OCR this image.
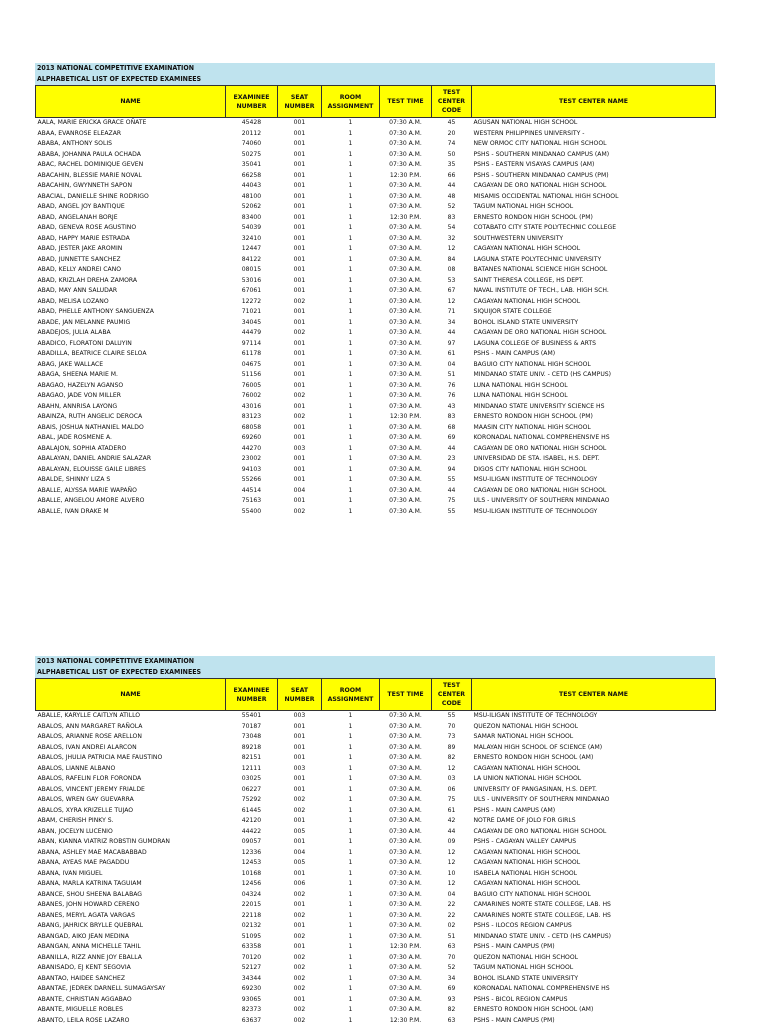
2013 NATIONAL COMPETITIVE EXAMINATION
ALPHABETICAL LIST OF EXPECTED EXAMINEES
NAME	EXAMINEE NUMBER	SEAT NUMBER	ROOM ASSIGNMENT	TEST TIME	TEST CENTER CODE	TEST CENTER NAME
AALA, MARIE ERICKA GRACE OÑATE	45428	001	1	07:30 A.M.	45	AGUSAN NATIONAL HIGH SCHOOL
ABAA, EVANROSE ELEAZAR	20112	001	1	07:30 A.M.	20	WESTERN PHILIPPINES UNIVERSITY -
ABABA, ANTHONY SOLIS	74060	001	1	07:30 A.M.	74	NEW ORMOC CITY NATIONAL HIGH SCHOOL
ABABA, JOHANNA PAULA OCHADA	50275	001	1	07:30 A.M.	50	PSHS - SOUTHERN MINDANAO CAMPUS (AM)
ABAC, RACHEL DOMINIQUE GEVEN	35041	001	1	07:30 A.M.	35	PSHS - EASTERN VISAYAS CAMPUS (AM)
ABACAHIN, BLESSIE MARIE NOVAL	66258	001	1	12:30 P.M.	66	PSHS - SOUTHERN MINDANAO CAMPUS (PM)
ABACAHIN, GWYNNETH SAPON	44043	001	1	07:30 A.M.	44	CAGAYAN DE ORO NATIONAL HIGH SCHOOL
ABACIAL, DANIELLE SHINE RODRIGO	48100	001	1	07:30 A.M.	48	MISAMIS OCCIDENTAL NATIONAL HIGH SCHOOL
ABAD, ANGEL JOY BANTIQUE	52062	001	1	07:30 A.M.	52	TAGUM NATIONAL HIGH SCHOOL
ABAD, ANGELANAH BORJE	83400	001	1	12:30 P.M.	83	ERNESTO RONDON HIGH SCHOOL (PM)
ABAD, GENEVA ROSE AGUSTINO	54039	001	1	07:30 A.M.	54	COTABATO CITY STATE POLYTECHNIC COLLEGE
ABAD, HAPPY MARIE ESTRADA	32410	001	1	07:30 A.M.	32	SOUTHWESTERN UNIVERSITY
ABAD, JESTER JAKE AROMIN	12447	001	1	07:30 A.M.	12	CAGAYAN NATIONAL HIGH SCHOOL
ABAD, JUNNETTE SANCHEZ	84122	001	1	07:30 A.M.	84	LAGUNA STATE POLYTECHNIC UNIVERSITY
ABAD, KELLY ANDREI CANO	08015	001	1	07:30 A.M.	08	BATANES NATIONAL SCIENCE HIGH SCHOOL
ABAD, KRIZLAH DREHA ZAMORA	53016	001	1	07:30 A.M.	53	SAINT THERESA COLLEGE, HS DEPT.
ABAD, MAY ANN SALUDAR	67061	001	1	07:30 A.M.	67	NAVAL INSTITUTE OF TECH., LAB. HIGH SCH.
ABAD, MELISA LOZANO	12272	002	1	07:30 A.M.	12	CAGAYAN NATIONAL HIGH SCHOOL
ABAD, PHELLE ANTHONY SANGUENZA	71021	001	1	07:30 A.M.	71	SIQUIJOR STATE COLLEGE
ABADE, JAN MELANNE PAUMIG	34045	001	1	07:30 A.M.	34	BOHOL ISLAND STATE UNIVERSITY
ABADEJOS, JULIA ALABA	44479	002	1	07:30 A.M.	44	CAGAYAN DE ORO NATIONAL HIGH SCHOOL
ABADICO, FLORATONI DALUYIN	97114	001	1	07:30 A.M.	97	LAGUNA COLLEGE OF BUSINESS & ARTS
ABADILLA, BEATRICE CLAIRE SELOA	61178	001	1	07:30 A.M.	61	PSHS - MAIN CAMPUS (AM)
ABAG, JAKE WALLACE	04675	001	1	07:30 A.M.	04	BAGUIO CITY NATIONAL HIGH SCHOOL
ABAGA, SHEENA MARIE M.	51156	001	1	07:30 A.M.	51	MINDANAO STATE UNIV. - CETD (HS CAMPUS)
ABAGAO, HAZELYN AGANSO	76005	001	1	07:30 A.M.	76	LUNA NATIONAL HIGH SCHOOL
ABAGAO, JADE VON MILLER	76002	002	1	07:30 A.M.	76	LUNA NATIONAL HIGH SCHOOL
ABAHN, ANNRISA LAYONG	43016	001	1	07:30 A.M.	43	MINDANAO STATE UNIVERSITY SCIENCE HS
ABAINZA, RUTH ANGELIC DEROCA	83123	002	1	12:30 P.M.	83	ERNESTO RONDON HIGH SCHOOL (PM)
ABAIS, JOSHUA NATHANIEL MALDO	68058	001	1	07:30 A.M.	68	MAASIN CITY NATIONAL HIGH SCHOOL
ABAL, JADE ROSMENE A.	69260	001	1	07:30 A.M.	69	KORONADAL NATIONAL COMPREHENSIVE HS
ABALAJON, SOPHIA ATADERO	44270	003	1	07:30 A.M.	44	CAGAYAN DE ORO NATIONAL HIGH SCHOOL
ABALAYAN, DANIEL ANDRIE SALAZAR	23002	001	1	07:30 A.M.	23	UNIVERSIDAD DE STA. ISABEL, H.S. DEPT.
ABALAYAN, ELOUISSE GAILE LIBRES	94103	001	1	07:30 A.M.	94	DIGOS CITY NATIONAL HIGH SCHOOL
ABALDE, SHINNY LIZA S	55266	001	1	07:30 A.M.	55	MSU-ILIGAN INSTITUTE OF TECHNOLOGY
ABALLE, ALYSSA MARIE WAPAÑO	44514	004	1	07:30 A.M.	44	CAGAYAN DE ORO NATIONAL HIGH SCHOOL
ABALLE, ANGELOU AMORE ALVERO	75163	001	1	07:30 A.M.	75	ULS - UNIVERSITY OF SOUTHERN MINDANAO
ABALLE, IVAN DRAKE M	55400	002	1	07:30 A.M.	55	MSU-ILIGAN INSTITUTE OF TECHNOLOGY
2013 NATIONAL COMPETITIVE EXAMINATION
ALPHABETICAL LIST OF EXPECTED EXAMINEES
NAME	EXAMINEE NUMBER	SEAT NUMBER	ROOM ASSIGNMENT	TEST TIME	TEST CENTER CODE	TEST CENTER NAME
ABALLE, KARYLLE CAITLYN ATILLO	55401	003	1	07:30 A.M.	55	MSU-ILIGAN INSTITUTE OF TECHNOLOGY
ABALOS, ANN MARGARET RAÑOLA	70187	001	1	07:30 A.M.	70	QUEZON NATIONAL HIGH SCHOOL
ABALOS, ARIANNE ROSE ARELLON	73048	001	1	07:30 A.M.	73	SAMAR NATIONAL HIGH SCHOOL
ABALOS, IVAN ANDREI ALARCON	89218	001	1	07:30 A.M.	89	MALAYAN HIGH SCHOOL OF SCIENCE (AM)
ABALOS, JHULIA PATRICIA MAE FAUSTINO	82151	001	1	07:30 A.M.	82	ERNESTO RONDON HIGH SCHOOL (AM)
ABALOS, LIANNE ALBANO	12111	003	1	07:30 A.M.	12	CAGAYAN NATIONAL HIGH SCHOOL
ABALOS, RAFELIN FLOR FORONDA	03025	001	1	07:30 A.M.	03	LA UNION NATIONAL HIGH SCHOOL
ABALOS, VINCENT JEREMY FRIALDE	06227	001	1	07:30 A.M.	06	UNIVERSITY OF PANGASINAN, H.S. DEPT.
ABALOS, WREN GAY GUEVARRA	75292	002	1	07:30 A.M.	75	ULS - UNIVERSITY OF SOUTHERN MINDANAO
ABALOS, XYRA KRIZELLE TUJAO	61445	002	1	07:30 A.M.	61	PSHS - MAIN CAMPUS (AM)
ABAM, CHERISH PINKY S.	42120	001	1	07:30 A.M.	42	NOTRE DAME OF JOLO FOR GIRLS
ABAN, JOCELYN LUCENIO	44422	005	1	07:30 A.M.	44	CAGAYAN DE ORO NATIONAL HIGH SCHOOL
ABAN, KIANNA VIATRIZ ROBSTIN GUMDRAN	09057	001	1	07:30 A.M.	09	PSHS - CAGAYAN VALLEY CAMPUS
ABANA, ASHLEY MAE MACABABBAD	12336	004	1	07:30 A.M.	12	CAGAYAN NATIONAL HIGH SCHOOL
ABANA, AYEAS MAE PAGADDU	12453	005	1	07:30 A.M.	12	CAGAYAN NATIONAL HIGH SCHOOL
ABANA, IVAN MIGUEL	10168	001	1	07:30 A.M.	10	ISABELA NATIONAL HIGH SCHOOL
ABANA, MARLA KATRINA TAGUIAM	12456	006	1	07:30 A.M.	12	CAGAYAN NATIONAL HIGH SCHOOL
ABANCE, SHOU SHEENA BALABAG	04324	002	1	07:30 A.M.	04	BAGUIO CITY NATIONAL HIGH SCHOOL
ABANES, JOHN HOWARD CERENO	22015	001	1	07:30 A.M.	22	CAMARINES NORTE STATE COLLEGE, LAB. HS
ABANES, MERYL AGATA VARGAS	22118	002	1	07:30 A.M.	22	CAMARINES NORTE STATE COLLEGE, LAB. HS
ABANG, JAHRICK BRYLLE QUEBRAL	02132	001	1	07:30 A.M.	02	PSHS - ILOCOS REGION CAMPUS
ABANGAD, AIKO JEAN MEDINA	51095	002	1	07:30 A.M.	51	MINDANAO STATE UNIV. - CETD (HS CAMPUS)
ABANGAN, ANNA MICHELLE TAHIL	63358	001	1	12:30 P.M.	63	PSHS - MAIN CAMPUS (PM)
ABANILLA, RIZZ ANNE JOY EBALLA	70120	002	1	07:30 A.M.	70	QUEZON NATIONAL HIGH SCHOOL
ABANISADO, EJ KENT SEGOVIA	52127	002	1	07:30 A.M.	52	TAGUM NATIONAL HIGH SCHOOL
ABANTAO, HAIDEE SANCHEZ	34344	002	1	07:30 A.M.	34	BOHOL ISLAND STATE UNIVERSITY
ABANTAE, JEDREK DARNELL SUMAGAYSAY	69230	002	1	07:30 A.M.	69	KORONADAL NATIONAL COMPREHENSIVE HS
ABANTE, CHRISTIAN AGGABAO	93065	001	1	07:30 A.M.	93	PSHS - BICOL REGION CAMPUS
ABANTE, MIGUELLE ROBLES	82373	002	1	07:30 A.M.	82	ERNESTO RONDON HIGH SCHOOL (AM)
ABANTO, LEILA ROSE LAZARO	63637	002	1	12:30 P.M.	63	PSHS - MAIN CAMPUS (PM)
